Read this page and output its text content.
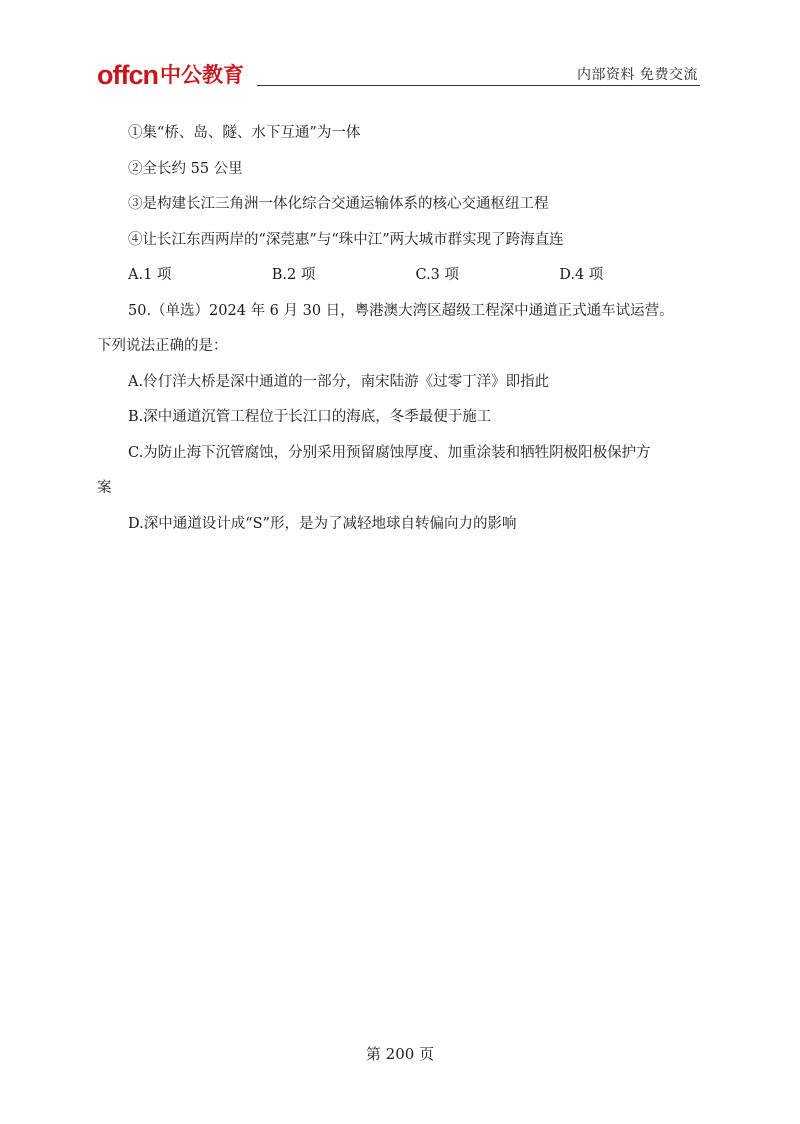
offcn 中公教育	内部资料 免费交流
①集“桥、岛、隧、水下互通”为一体
②全长约 55 公里
③是构建长江三角洲一体化综合交通运输体系的核心交通枢纽工程
④让长江东西两岸的“深莞惠”与“珠中江”两大城市群实现了跨海直连
A.1 项	B.2 项	C.3 项	D.4 项
50.（单选）2024 年 6 月 30 日，粤港澳大湾区超级工程深中通道正式通车试运营。
下列说法正确的是：
A.伶仃洋大桥是深中通道的一部分，南宋陆游《过零丁洋》即指此
B.深中通道沉管工程位于长江口的海底，冬季最便于施工
C.为防止海下沉管腐蚀，分别采用预留腐蚀厚度、加重涂装和牺牲阴极阳极保护方
案
D.深中通道设计成“S”形，是为了减轻地球自转偏向力的影响
第 200 页
